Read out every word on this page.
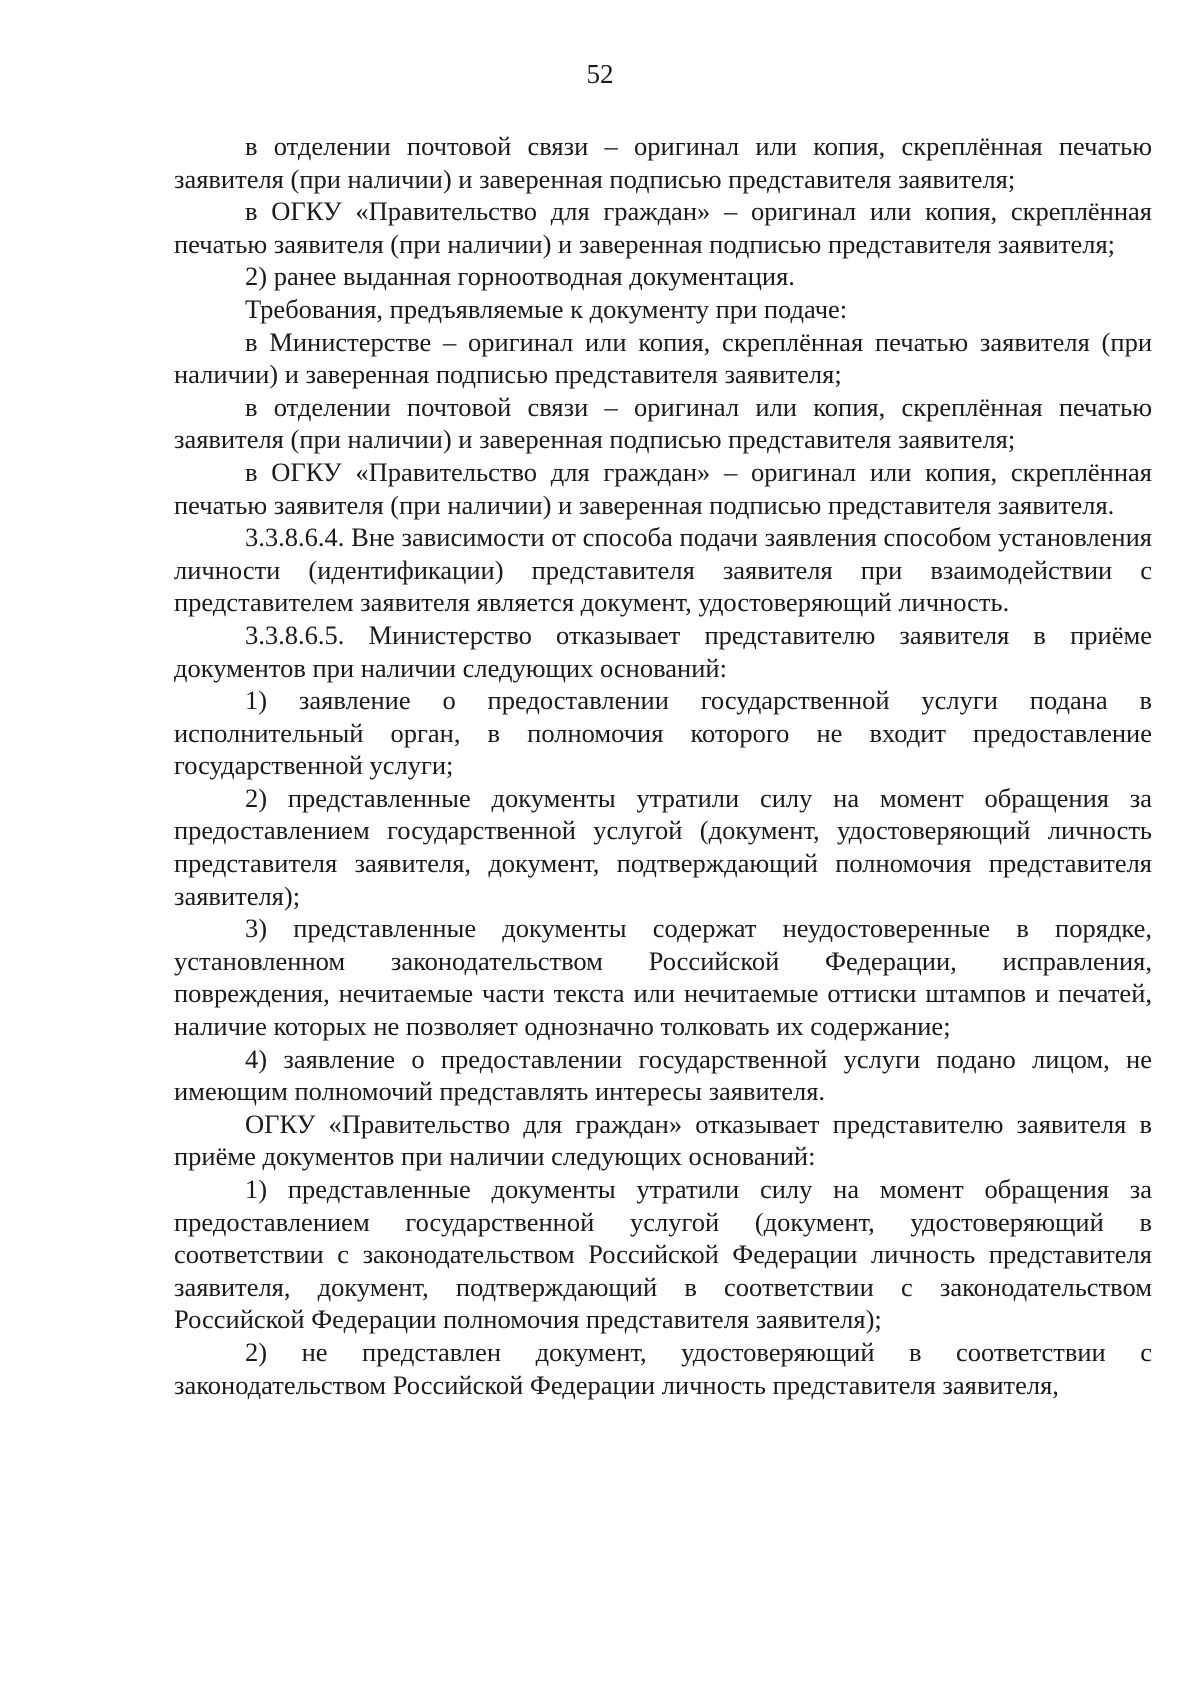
52

в отделении почтовой связи – оригинал или копия, скреплённая печатью заявителя (при наличии) и заверенная подписью представителя заявителя;

в ОГКУ «Правительство для граждан» – оригинал или копия, скреплённая печатью заявителя (при наличии) и заверенная подписью представителя заявителя;

2) ранее выданная горноотводная документация.

Требования, предъявляемые к документу при подаче:

в Министерстве – оригинал или копия, скреплённая печатью заявителя (при наличии) и заверенная подписью представителя заявителя;

в отделении почтовой связи – оригинал или копия, скреплённая печатью заявителя (при наличии) и заверенная подписью представителя заявителя;

в ОГКУ «Правительство для граждан» – оригинал или копия, скреплённая печатью заявителя (при наличии) и заверенная подписью представителя заявителя.

3.3.8.6.4. Вне зависимости от способа подачи заявления способом установления личности (идентификации) представителя заявителя при взаимодействии с представителем заявителя является документ, удостоверяющий личность.

3.3.8.6.5. Министерство отказывает представителю заявителя в приёме документов при наличии следующих оснований:

1) заявление о предоставлении государственной услуги подана в исполнительный орган, в полномочия которого не входит предоставление государственной услуги;

2) представленные документы утратили силу на момент обращения за предоставлением государственной услугой (документ, удостоверяющий личность представителя заявителя, документ, подтверждающий полномочия представителя заявителя);

3) представленные документы содержат неудостоверенные в порядке, установленном законодательством Российской Федерации, исправления, повреждения, нечитаемые части текста или нечитаемые оттиски штампов и печатей, наличие которых не позволяет однозначно толковать их содержание;

4) заявление о предоставлении государственной услуги подано лицом, не имеющим полномочий представлять интересы заявителя.

ОГКУ «Правительство для граждан» отказывает представителю заявителя в приёме документов при наличии следующих оснований:

1) представленные документы утратили силу на момент обращения за предоставлением государственной услугой (документ, удостоверяющий в соответствии с законодательством Российской Федерации личность представителя заявителя, документ, подтверждающий в соответствии с законодательством Российской Федерации полномочия представителя заявителя);

2) не представлен документ, удостоверяющий в соответствии с законодательством Российской Федерации личность представителя заявителя,
